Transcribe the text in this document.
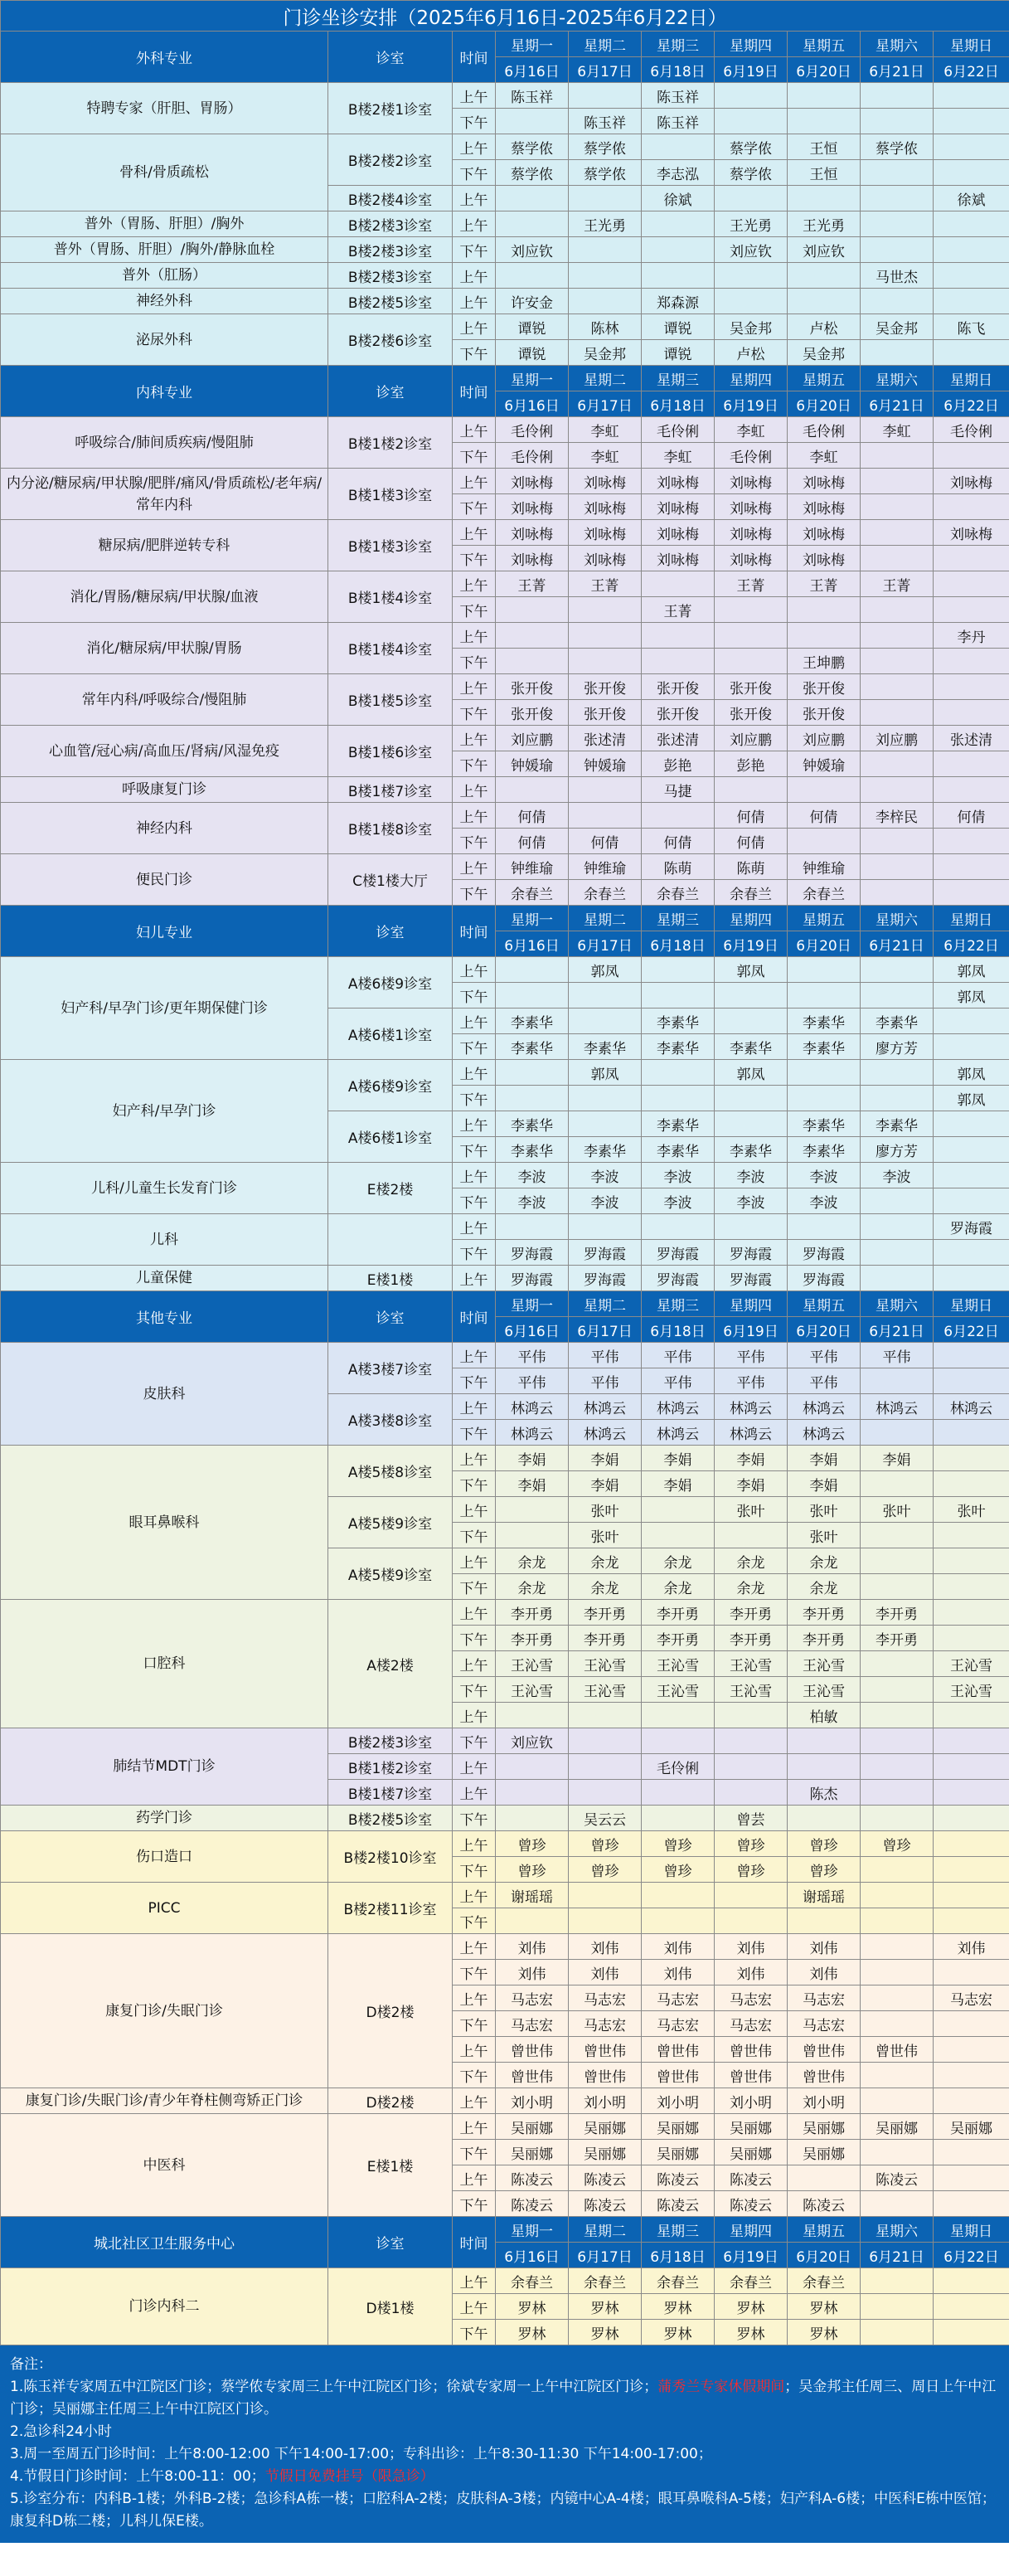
门诊坐诊安排（2025年6月16日-2025年6月22日）									
外科专业	诊室	时间	星期一	星期二	星期三	星期四	星期五	星期六	星期日
			6月16日	6月17日	6月18日	6月19日	6月20日	6月21日	6月22日
特聘专家（肝胆、胃肠）	B楼2楼1诊室	上午	陈玉祥		陈玉祥				
		下午		陈玉祥	陈玉祥				
骨科/骨质疏松	B楼2楼2诊室	上午	蔡学侬	蔡学侬		蔡学侬	王恒	蔡学侬	
		下午	蔡学侬	蔡学侬	李志泓	蔡学侬	王恒		
	B楼2楼4诊室	上午			徐斌				徐斌
普外（胃肠、肝胆）/胸外	B楼2楼3诊室	上午		王光勇		王光勇	王光勇		
普外（胃肠、肝胆）/胸外/静脉血栓	B楼2楼3诊室	下午	刘应钦			刘应钦	刘应钦		
普外（肛肠）	B楼2楼3诊室	上午						马世杰	
神经外科	B楼2楼5诊室	上午	许安金		郑森源				
泌尿外科	B楼2楼6诊室	上午	谭锐	陈林	谭锐	吴金邦	卢松	吴金邦	陈飞
		下午	谭锐	吴金邦	谭锐	卢松	吴金邦		
内科专业	诊室	时间	星期一	星期二	星期三	星期四	星期五	星期六	星期日
			6月16日	6月17日	6月18日	6月19日	6月20日	6月21日	6月22日
呼吸综合/肺间质疾病/慢阻肺	B楼1楼2诊室	上午	毛伶俐	李虹	毛伶俐	李虹	毛伶俐	李虹	毛伶俐
		下午	毛伶俐	李虹	李虹	毛伶俐	李虹		
内分泌/糖尿病/甲状腺/肥胖/痛风/骨质疏松/老年病/常年内科	B楼1楼3诊室	上午	刘咏梅	刘咏梅	刘咏梅	刘咏梅	刘咏梅		刘咏梅
		下午	刘咏梅	刘咏梅	刘咏梅	刘咏梅	刘咏梅		
糖尿病/肥胖逆转专科	B楼1楼3诊室	上午	刘咏梅	刘咏梅	刘咏梅	刘咏梅	刘咏梅		刘咏梅
		下午	刘咏梅	刘咏梅	刘咏梅	刘咏梅	刘咏梅		
消化/胃肠/糖尿病/甲状腺/血液	B楼1楼4诊室	上午	王菁	王菁		王菁	王菁	王菁	
		下午			王菁				
消化/糖尿病/甲状腺/胃肠	B楼1楼4诊室	上午							李丹
		下午					王坤鹏		
常年内科/呼吸综合/慢阻肺	B楼1楼5诊室	上午	张开俊	张开俊	张开俊	张开俊	张开俊		
		下午	张开俊	张开俊	张开俊	张开俊	张开俊		
心血管/冠心病/高血压/肾病/风湿免疫	B楼1楼6诊室	上午	刘应鹏	张述清	张述清	刘应鹏	刘应鹏	刘应鹏	张述清
		下午	钟媛瑜	钟媛瑜	彭艳	彭艳	钟媛瑜		
呼吸康复门诊	B楼1楼7诊室	上午			马捷				
神经内科	B楼1楼8诊室	上午	何倩			何倩	何倩	李梓民	何倩
		下午	何倩	何倩	何倩	何倩			
便民门诊	C楼1楼大厅	上午	钟维瑜	钟维瑜	陈萌	陈萌	钟维瑜		
		下午	余春兰	余春兰	余春兰	余春兰	余春兰		
妇儿专业	诊室	时间	星期一	星期二	星期三	星期四	星期五	星期六	星期日
			6月16日	6月17日	6月18日	6月19日	6月20日	6月21日	6月22日
妇产科/早孕门诊/更年期保健门诊	A楼6楼9诊室	上午		郭凤		郭凤			郭凤
		下午							郭凤
	A楼6楼1诊室	上午	李素华		李素华		李素华	李素华	
		下午	李素华	李素华	李素华	李素华	李素华	廖方芳	
妇产科/早孕门诊	A楼6楼9诊室	上午		郭凤		郭凤			郭凤
		下午							郭凤
	A楼6楼1诊室	上午	李素华		李素华		李素华	李素华	
		下午	李素华	李素华	李素华	李素华	李素华	廖方芳	
儿科/儿童生长发育门诊	E楼2楼	上午	李波	李波	李波	李波	李波	李波	
		下午	李波	李波	李波	李波	李波		
儿科		上午							罗海霞
		下午	罗海霞	罗海霞	罗海霞	罗海霞	罗海霞		
儿童保健	E楼1楼	上午	罗海霞	罗海霞	罗海霞	罗海霞	罗海霞		
其他专业	诊室	时间	星期一	星期二	星期三	星期四	星期五	星期六	星期日
			6月16日	6月17日	6月18日	6月19日	6月20日	6月21日	6月22日
皮肤科	A楼3楼7诊室	上午	平伟	平伟	平伟	平伟	平伟	平伟	
		下午	平伟	平伟	平伟	平伟	平伟		
	A楼3楼8诊室	上午	林鸿云	林鸿云	林鸿云	林鸿云	林鸿云	林鸿云	林鸿云
		下午	林鸿云	林鸿云	林鸿云	林鸿云	林鸿云		
眼耳鼻喉科	A楼5楼8诊室	上午	李娟	李娟	李娟	李娟	李娟	李娟	
		下午	李娟	李娟	李娟	李娟	李娟		
	A楼5楼9诊室	上午		张叶		张叶	张叶	张叶	张叶
		下午		张叶			张叶		
	A楼5楼9诊室	上午	余龙	余龙	余龙	余龙	余龙		
		下午	余龙	余龙	余龙	余龙	余龙		
口腔科	A楼2楼	上午	李开勇	李开勇	李开勇	李开勇	李开勇	李开勇	
		下午	李开勇	李开勇	李开勇	李开勇	李开勇	李开勇	
		上午	王沁雪	王沁雪	王沁雪	王沁雪	王沁雪		王沁雪
		下午	王沁雪	王沁雪	王沁雪	王沁雪	王沁雪		王沁雪
		上午					柏敏		
肺结节MDT门诊	B楼2楼3诊室	下午	刘应钦						
	B楼1楼2诊室	上午			毛伶俐				
	B楼1楼7诊室	上午					陈杰		
药学门诊	B楼2楼5诊室	下午		吴云云		曾芸			
伤口造口	B楼2楼10诊室	上午	曾珍	曾珍	曾珍	曾珍	曾珍	曾珍	
		下午	曾珍	曾珍	曾珍	曾珍	曾珍		
PICC	B楼2楼11诊室	上午	谢瑶瑶				谢瑶瑶		
		下午							
康复门诊/失眠门诊	D楼2楼	上午	刘伟	刘伟	刘伟	刘伟	刘伟		刘伟
		下午	刘伟	刘伟	刘伟	刘伟	刘伟		
		上午	马志宏	马志宏	马志宏	马志宏	马志宏		马志宏
		下午	马志宏	马志宏	马志宏	马志宏	马志宏		
		上午	曾世伟	曾世伟	曾世伟	曾世伟	曾世伟	曾世伟	
		下午	曾世伟	曾世伟	曾世伟	曾世伟	曾世伟		
康复门诊/失眠门诊/青少年脊柱侧弯矫正门诊	D楼2楼	上午	刘小明	刘小明	刘小明	刘小明	刘小明		
中医科	E楼1楼	上午	吴丽娜	吴丽娜	吴丽娜	吴丽娜	吴丽娜	吴丽娜	吴丽娜
		下午	吴丽娜	吴丽娜	吴丽娜	吴丽娜	吴丽娜		
		上午	陈凌云	陈凌云	陈凌云	陈凌云		陈凌云	
		下午	陈凌云	陈凌云	陈凌云	陈凌云	陈凌云		
城北社区卫生服务中心	诊室	时间	星期一	星期二	星期三	星期四	星期五	星期六	星期日
			6月16日	6月17日	6月18日	6月19日	6月20日	6月21日	6月22日
门诊内科二	D楼1楼	上午	余春兰	余春兰	余春兰	余春兰	余春兰		
		上午	罗林	罗林	罗林	罗林	罗林		
		下午	罗林	罗林	罗林	罗林	罗林		
备注：
1.陈玉祥专家周五中江院区门诊；蔡学侬专家周三上午中江院区门诊；徐斌专家周一上午中江院区门诊；蒲秀兰专家休假期间；吴金邦主任周三、周日上午中江门诊；吴丽娜主任周三上午中江院区门诊。
2.急诊科24小时
3.周一至周五门诊时间：上午8:00-12:00 下午14:00-17:00；专科出诊：上午8:30-11:30 下午14:00-17:00；
4.节假日门诊时间：上午8:00-11：00；节假日免费挂号（限急诊）
5.诊室分布：内科B-1楼；外科B-2楼；急诊科A栋一楼；口腔科A-2楼；皮肤科A-3楼；内镜中心A-4楼；眼耳鼻喉科A-5楼；妇产科A-6楼；中医科E栋中医馆；康复科D栋二楼；儿科儿保E楼。
